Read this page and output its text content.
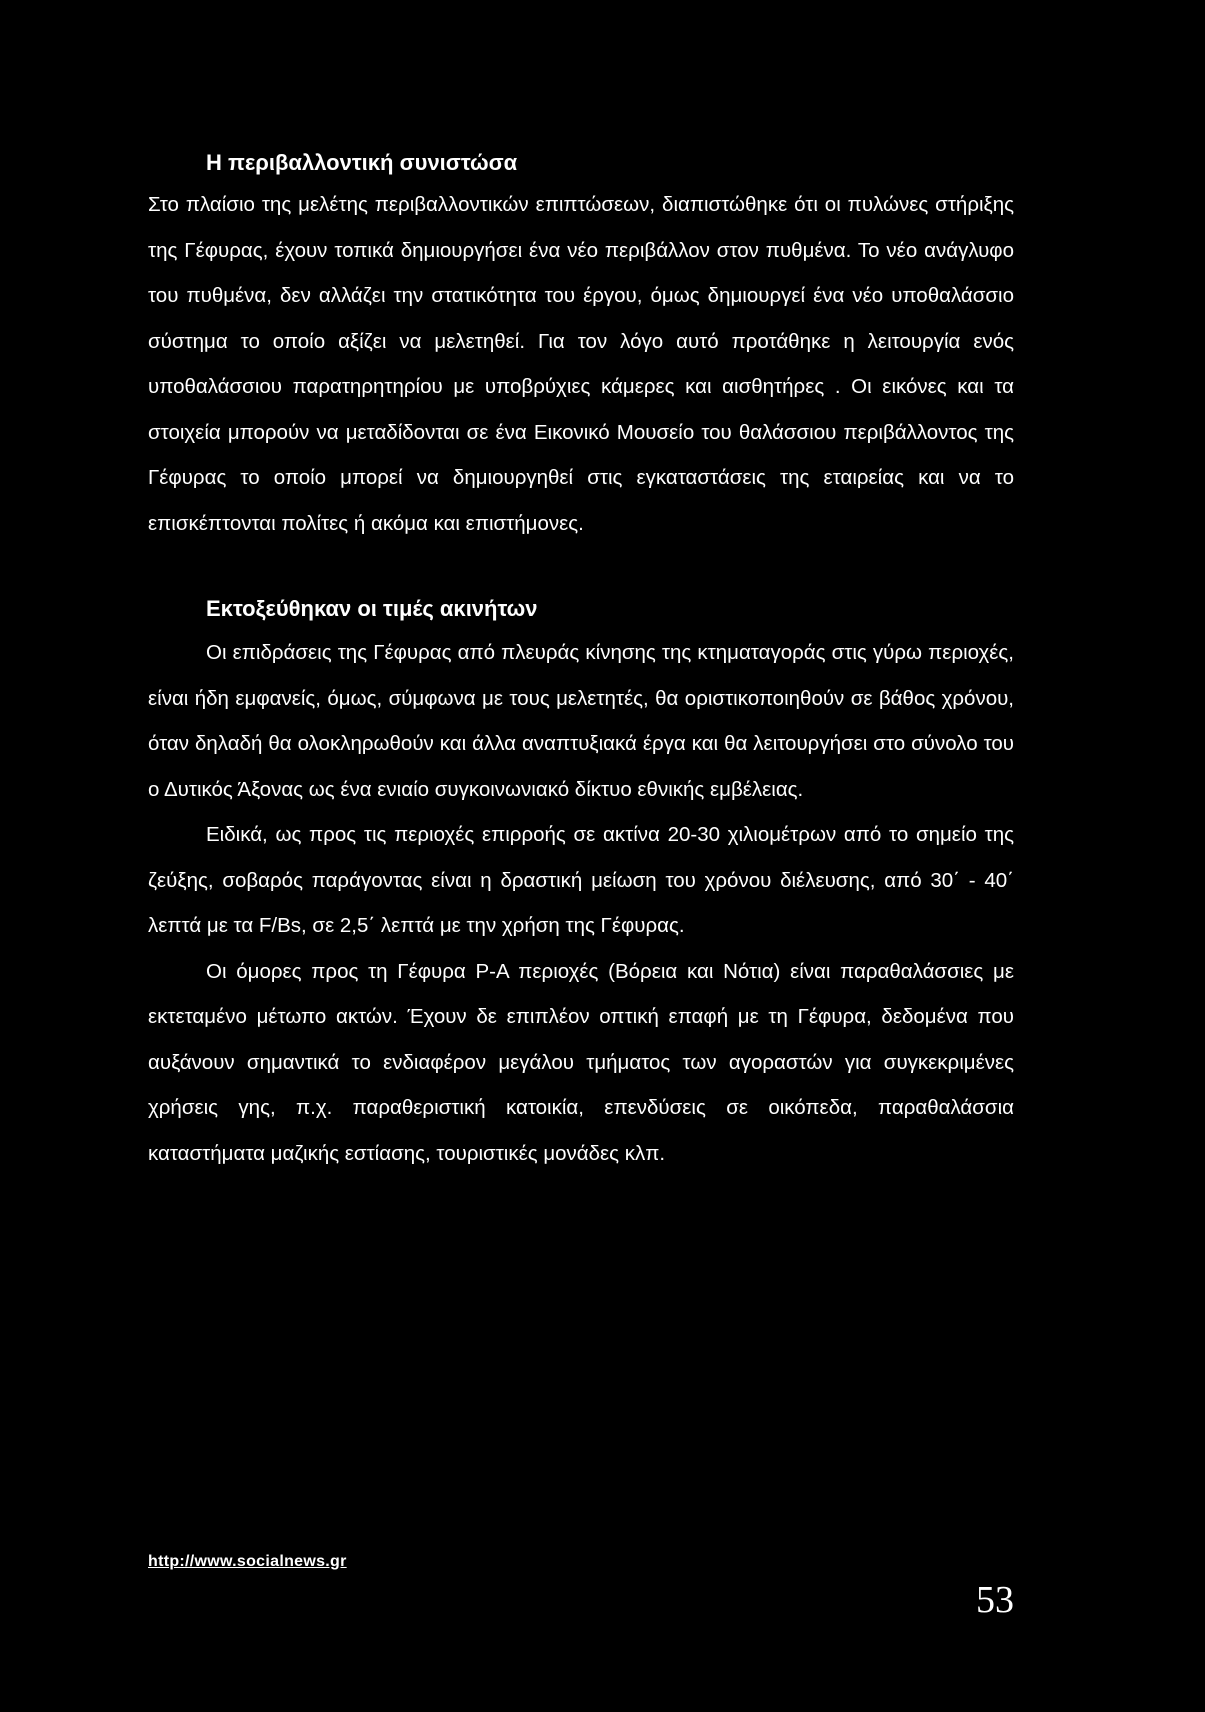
Η περιβαλλοντική συνιστώσα

Στο πλαίσιο της μελέτης περιβαλλοντικών επιπτώσεων, διαπιστώθηκε ότι οι πυλώνες στήριξης της Γέφυρας, έχουν τοπικά δημιουργήσει ένα νέο περιβάλλον στον πυθμένα. Το νέο ανάγλυφο του πυθμένα, δεν αλλάζει την στατικότητα του έργου, όμως δημιουργεί ένα νέο υποθαλάσσιο σύστημα το οποίο αξίζει να μελετηθεί. Για τον λόγο αυτό προτάθηκε η λειτουργία ενός υποθαλάσσιου παρατηρητηρίου με υποβρύχιες κάμερες και αισθητήρες . Οι εικόνες και τα στοιχεία μπορούν να μεταδίδονται σε ένα Εικονικό Μουσείο του θαλάσσιου περιβάλλοντος της Γέφυρας το οποίο μπορεί να δημιουργηθεί στις εγκαταστάσεις της εταιρείας και να το επισκέπτονται πολίτες ή ακόμα και επιστήμονες.

Εκτοξεύθηκαν οι τιμές ακινήτων

Οι επιδράσεις της Γέφυρας από πλευράς κίνησης της κτηματαγοράς στις γύρω περιοχές, είναι ήδη εμφανείς, όμως, σύμφωνα με τους μελετητές, θα οριστικοποιηθούν σε βάθος χρόνου, όταν δηλαδή θα ολοκληρωθούν και άλλα αναπτυξιακά έργα και θα λειτουργήσει στο σύνολο του ο Δυτικός Άξονας ως ένα ενιαίο συγκοινωνιακό δίκτυο εθνικής εμβέλειας.

Ειδικά, ως προς τις περιοχές επιρροής σε ακτίνα 20-30 χιλιομέτρων από το σημείο της ζεύξης, σοβαρός παράγοντας είναι η δραστική μείωση του χρόνου διέλευσης, από 30΄ - 40΄ λεπτά με τα F/Bs, σε 2,5΄ λεπτά με την χρήση της Γέφυρας.

Οι όμορες προς τη Γέφυρα Ρ-Α περιοχές (Βόρεια και Νότια) είναι παραθαλάσσιες με εκτεταμένο μέτωπο ακτών. Έχουν δε επιπλέον οπτική επαφή με τη Γέφυρα, δεδομένα που αυξάνουν σημαντικά το ενδιαφέρον μεγάλου τμήματος των αγοραστών για συγκεκριμένες χρήσεις γης, π.χ. παραθεριστική κατοικία, επενδύσεις σε οικόπεδα, παραθαλάσσια καταστήματα μαζικής εστίασης, τουριστικές μονάδες κλπ.

http://www.socialnews.gr
53
